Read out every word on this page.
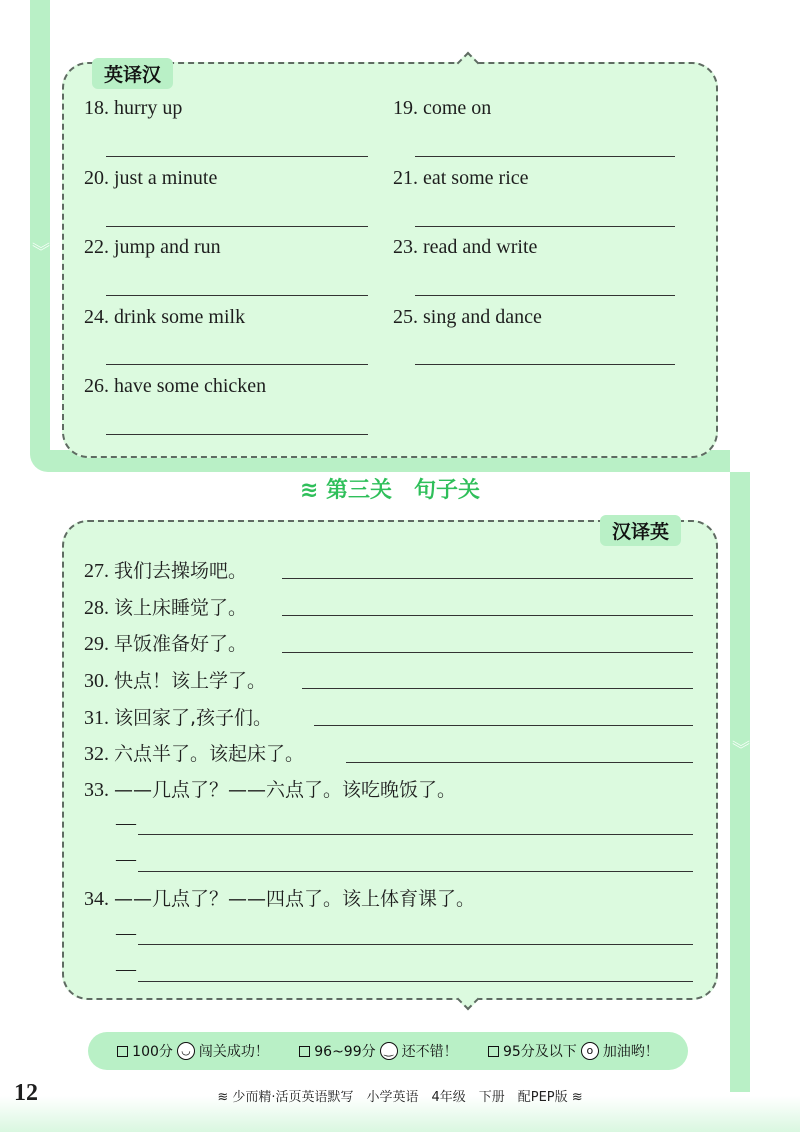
︾
︾
英译汉
18. hurry up	19. come on
20. just a minute	21. eat some rice
22. jump and run	23. read and write
24. drink some milk	25. sing and dance
26. have some chicken
≋ 第三关　句子关
汉译英
27. 我们去操场吧。
28. 该上床睡觉了。
29. 早饭准备好了。
30. 快点！该上学了。
31. 该回家了,孩子们。
32. 六点半了。该起床了。
33. ——几点了？——六点了。该吃晚饭了。
—
—
34. ——几点了？——四点了。该上体育课了。
—
—
100分 ◡ 闯关成功！	96~99分 ‿ 还不错！	95分及以下 o 加油哟！
12	≋ 少而精·活页英语默写　小学英语　4年级　下册　配PEP版 ≋
